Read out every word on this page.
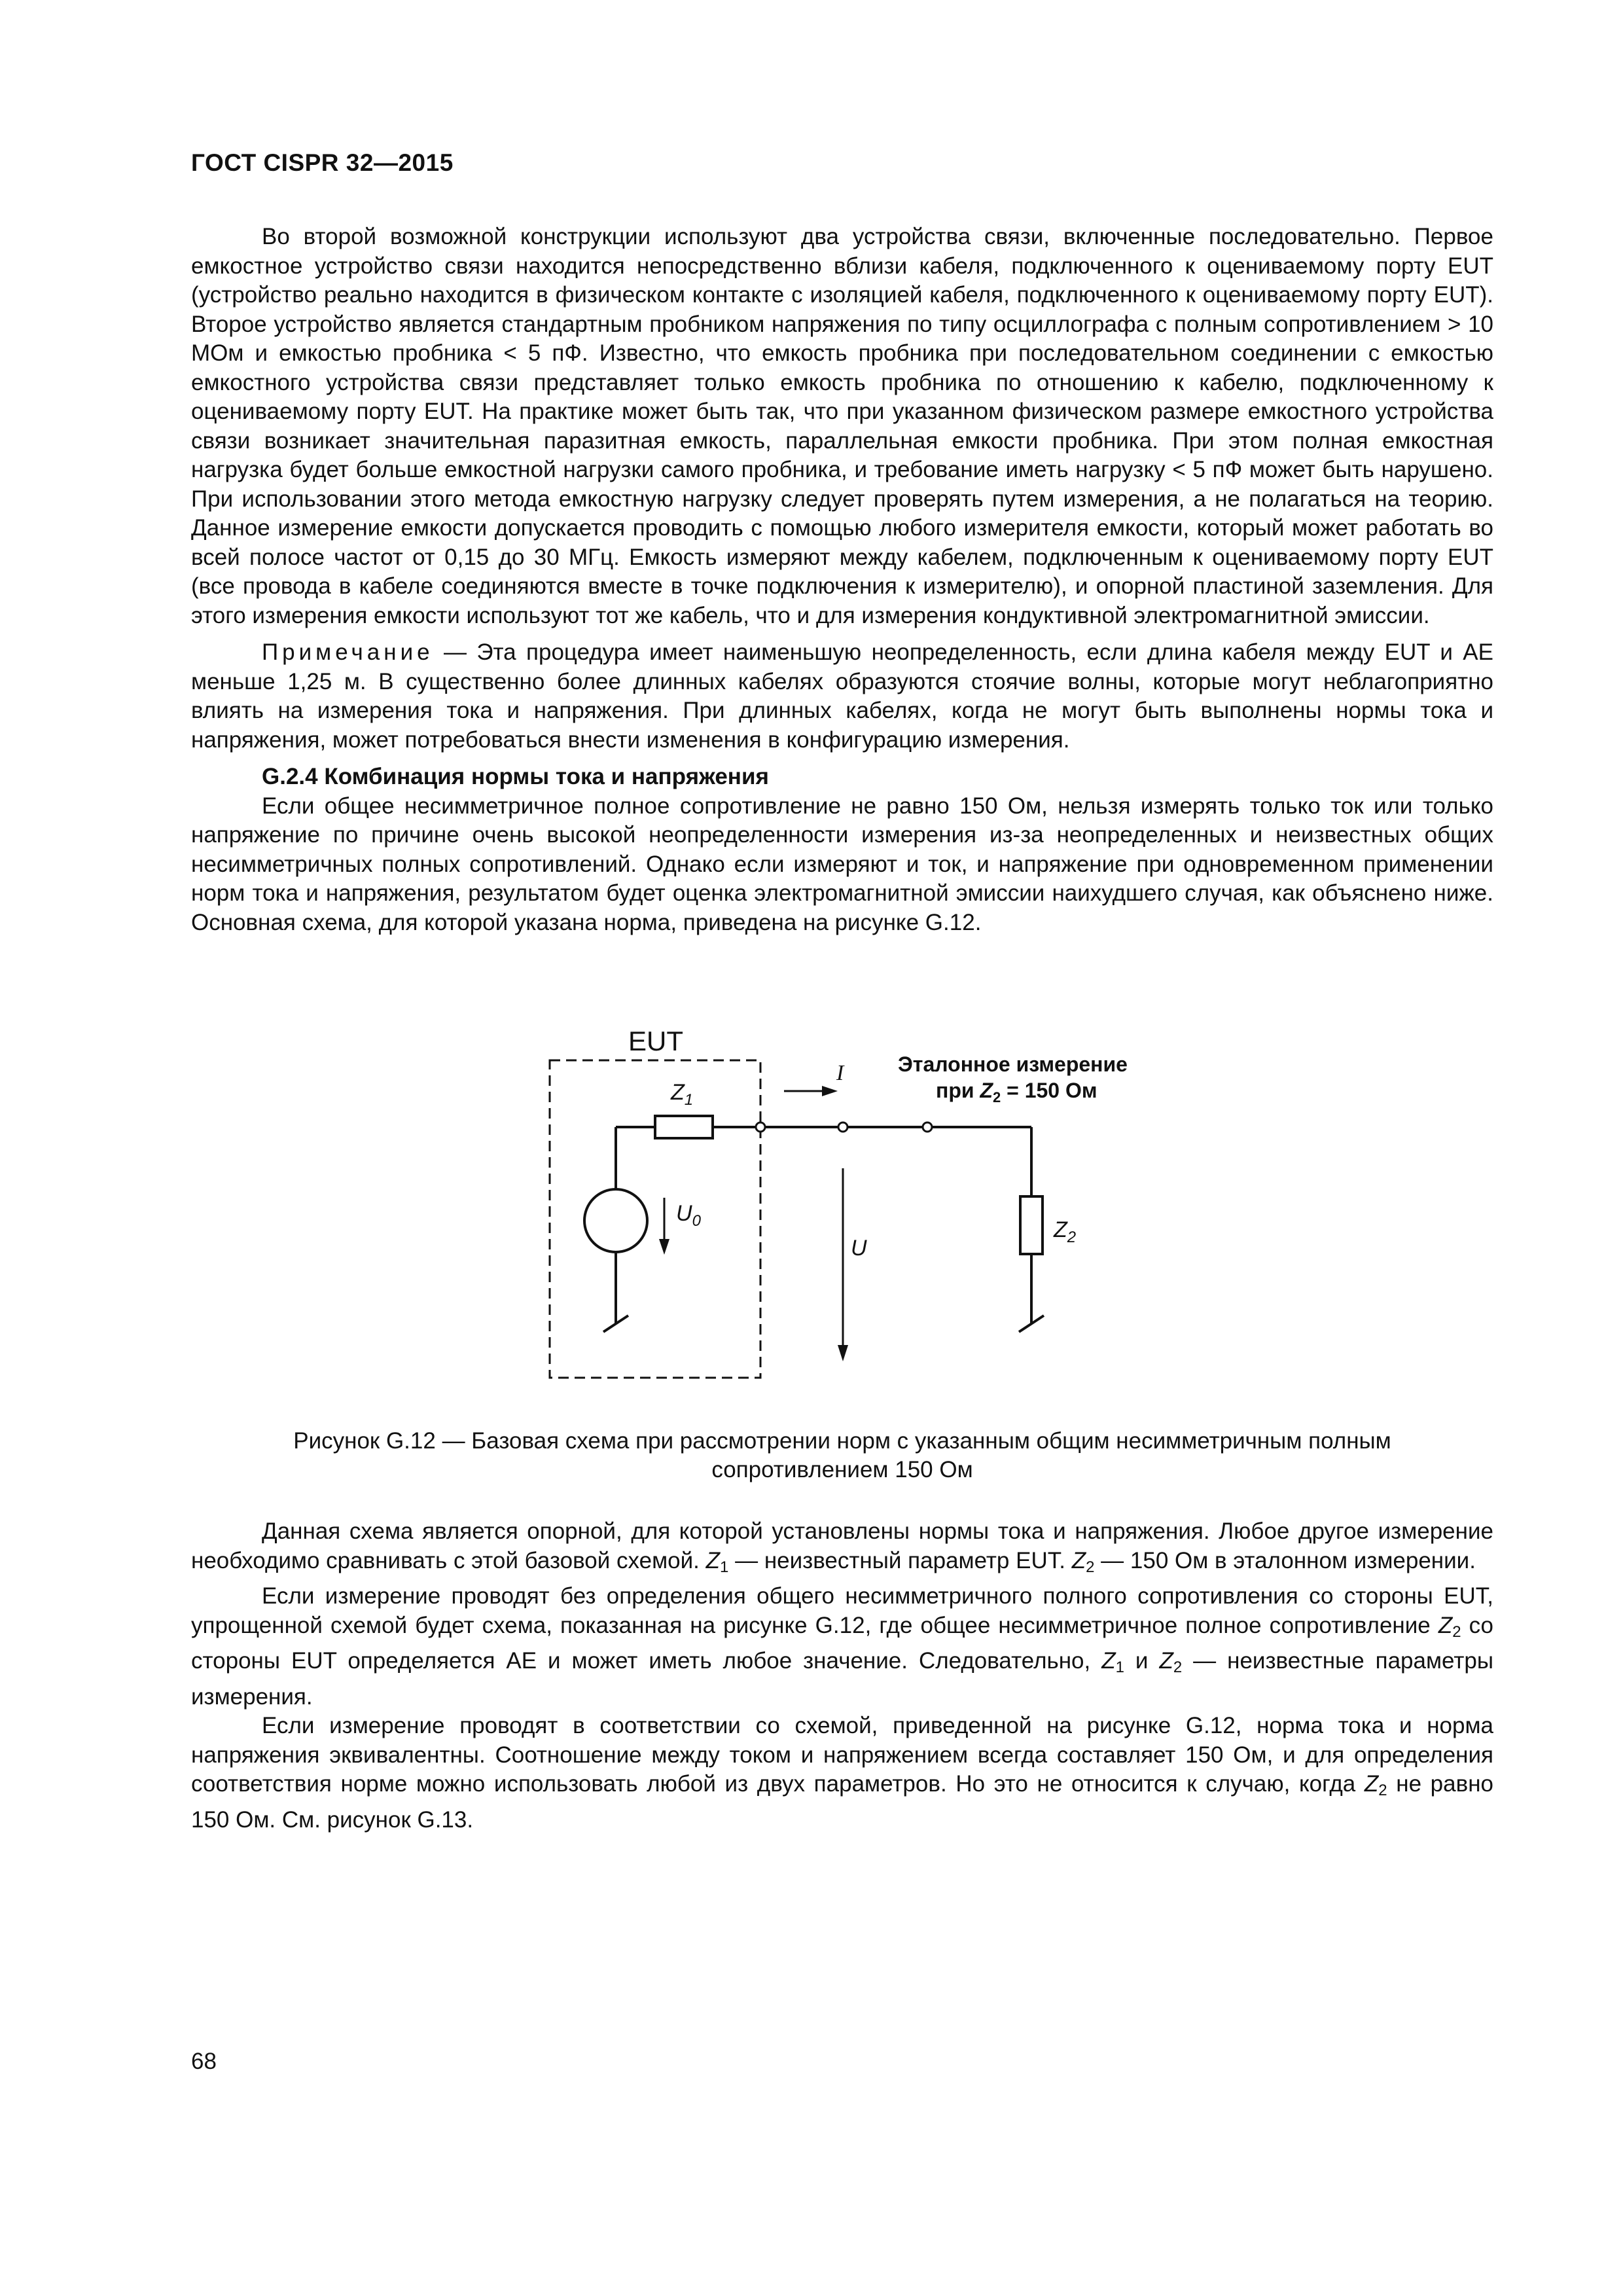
ГОСТ CISPR 32—2015

Во второй возможной конструкции используют два устройства связи, включенные последовательно. Первое емкостное устройство связи находится непосредственно вблизи кабеля, подключенного к оцениваемому порту EUT (устройство реально находится в физическом контакте с изоляцией кабеля, подключенного к оцениваемому порту EUT). Второе устройство является стандартным пробником напряжения по типу осциллографа с полным сопротивлением > 10 МОм и емкостью пробника < 5 пФ. Известно, что емкость пробника при последовательном соединении с емкостью емкостного устройства связи представляет только емкость пробника по отношению к кабелю, подключенному к оцениваемому порту EUT. На практике может быть так, что при указанном физическом размере емкостного устройства связи возникает значительная паразитная емкость, параллельная емкости пробника. При этом полная емкостная нагрузка будет больше емкостной нагрузки самого пробника, и требование иметь нагрузку < 5 пФ может быть нарушено. При использовании этого метода емкостную нагрузку следует проверять путем измерения, а не полагаться на теорию. Данное измерение емкости допускается проводить с помощью любого измерителя емкости, который может работать во всей полосе частот от 0,15 до 30 МГц. Емкость измеряют между кабелем, подключенным к оцениваемому порту EUT (все провода в кабеле соединяются вместе в точке подключения к измерителю), и опорной пластиной заземления. Для этого измерения емкости используют тот же кабель, что и для измерения кондуктивной электромагнитной эмиссии.

Примечание — Эта процедура имеет наименьшую неопределенность, если длина кабеля между EUT и AE меньше 1,25 м. В существенно более длинных кабелях образуются стоячие волны, которые могут неблагоприятно влиять на измерения тока и напряжения. При длинных кабелях, когда не могут быть выполнены нормы тока и напряжения, может потребоваться внести изменения в конфигурацию измерения.

G.2.4 Комбинация нормы тока и напряжения

Если общее несимметричное полное сопротивление не равно 150 Ом, нельзя измерять только ток или только напряжение по причине очень высокой неопределенности измерения из-за неопределенных и неизвестных общих несимметричных полных сопротивлений. Однако если измеряют и ток, и напряжение при одновременном применении норм тока и напряжения, результатом будет оценка электромагнитной эмиссии наихудшего случая, как объяснено ниже. Основная схема, для которой указана норма, приведена на рисунке G.12.

EUT
$Z_1$
$U_0$	$Z_2$
I
U
Эталонное измерение
при $Z_2 = 150$ Ом
Рисунок G.12 — Базовая схема при рассмотрении норм с указанным общим несимметричным полным
сопротивлением 150 Ом

Данная схема является опорной, для которой установлены нормы тока и напряжения. Любое другое измерение необходимо сравнивать с этой базовой схемой. $Z_1$ — неизвестный параметр EUT. $Z_2$ — 150 Ом в эталонном измерении.

Если измерение проводят без определения общего несимметричного полного сопротивления со стороны EUT, упрощенной схемой будет схема, показанная на рисунке G.12, где общее несимметричное полное сопротивление $Z_2$ со стороны EUT определяется AE и может иметь любое значение. Следовательно, $Z_1$ и $Z_2$ — неизвестные параметры измерения.

Если измерение проводят в соответствии со схемой, приведенной на рисунке G.12, норма тока и норма напряжения эквивалентны. Соотношение между током и напряжением всегда составляет 150 Ом, и для определения соответствия норме можно использовать любой из двух параметров. Но это не относится к случаю, когда $Z_2$ не равно 150 Ом. См. рисунок G.13.

68
